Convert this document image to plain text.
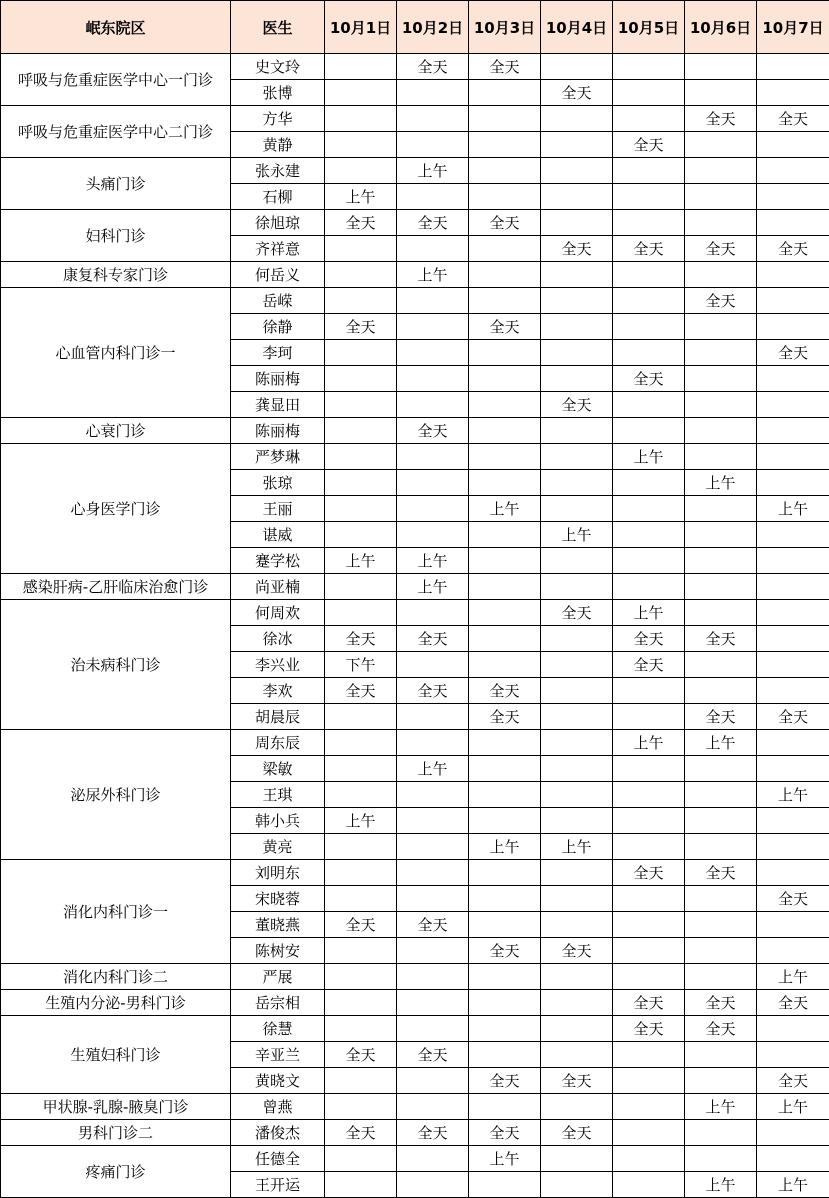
岷东院区	医生	10月1日	10月2日	10月3日	10月4日	10月5日	10月6日	10月7日
呼吸与危重症医学中心一门诊	史文玲		全天	全天				
	张博				全天			
呼吸与危重症医学中心二门诊	方华						全天	全天
	黄静					全天		
头痛门诊	张永建		上午					
	石柳	上午						
妇科门诊	徐旭琼	全天	全天	全天				
	齐祥意				全天	全天	全天	全天
康复科专家门诊	何岳义		上午					
心血管内科门诊一	岳嵘						全天	
	徐静	全天		全天				
	李珂							全天
	陈丽梅					全天		
	龚显田				全天			
心衰门诊	陈丽梅		全天					
心身医学门诊	严梦琳					上午		
	张琼						上午	
	王丽			上午				上午
	谌威				上午			
	蹇学松	上午	上午					
感染肝病-乙肝临床治愈门诊	尚亚楠		上午					
治未病科门诊	何周欢				全天	上午		
	徐冰	全天	全天			全天	全天	
	李兴业	下午				全天		
	李欢	全天	全天	全天				
	胡晨辰			全天			全天	全天
泌尿外科门诊	周东辰					上午	上午	
	梁敏		上午					
	王琪							上午
	韩小兵	上午						
	黄亮			上午	上午			
消化内科门诊一	刘明东					全天	全天	
	宋晓蓉							全天
	董晓燕	全天	全天					
	陈树安			全天	全天			
消化内科门诊二	严展							上午
生殖内分泌-男科门诊	岳宗相					全天	全天	全天
生殖妇科门诊	徐慧					全天	全天	
	辛亚兰	全天	全天					
	黄晓文			全天	全天			全天
甲状腺-乳腺-腋臭门诊	曾燕						上午	上午
男科门诊二	潘俊杰	全天	全天	全天	全天			
疼痛门诊	任德全			上午				
	王开运						上午	上午
